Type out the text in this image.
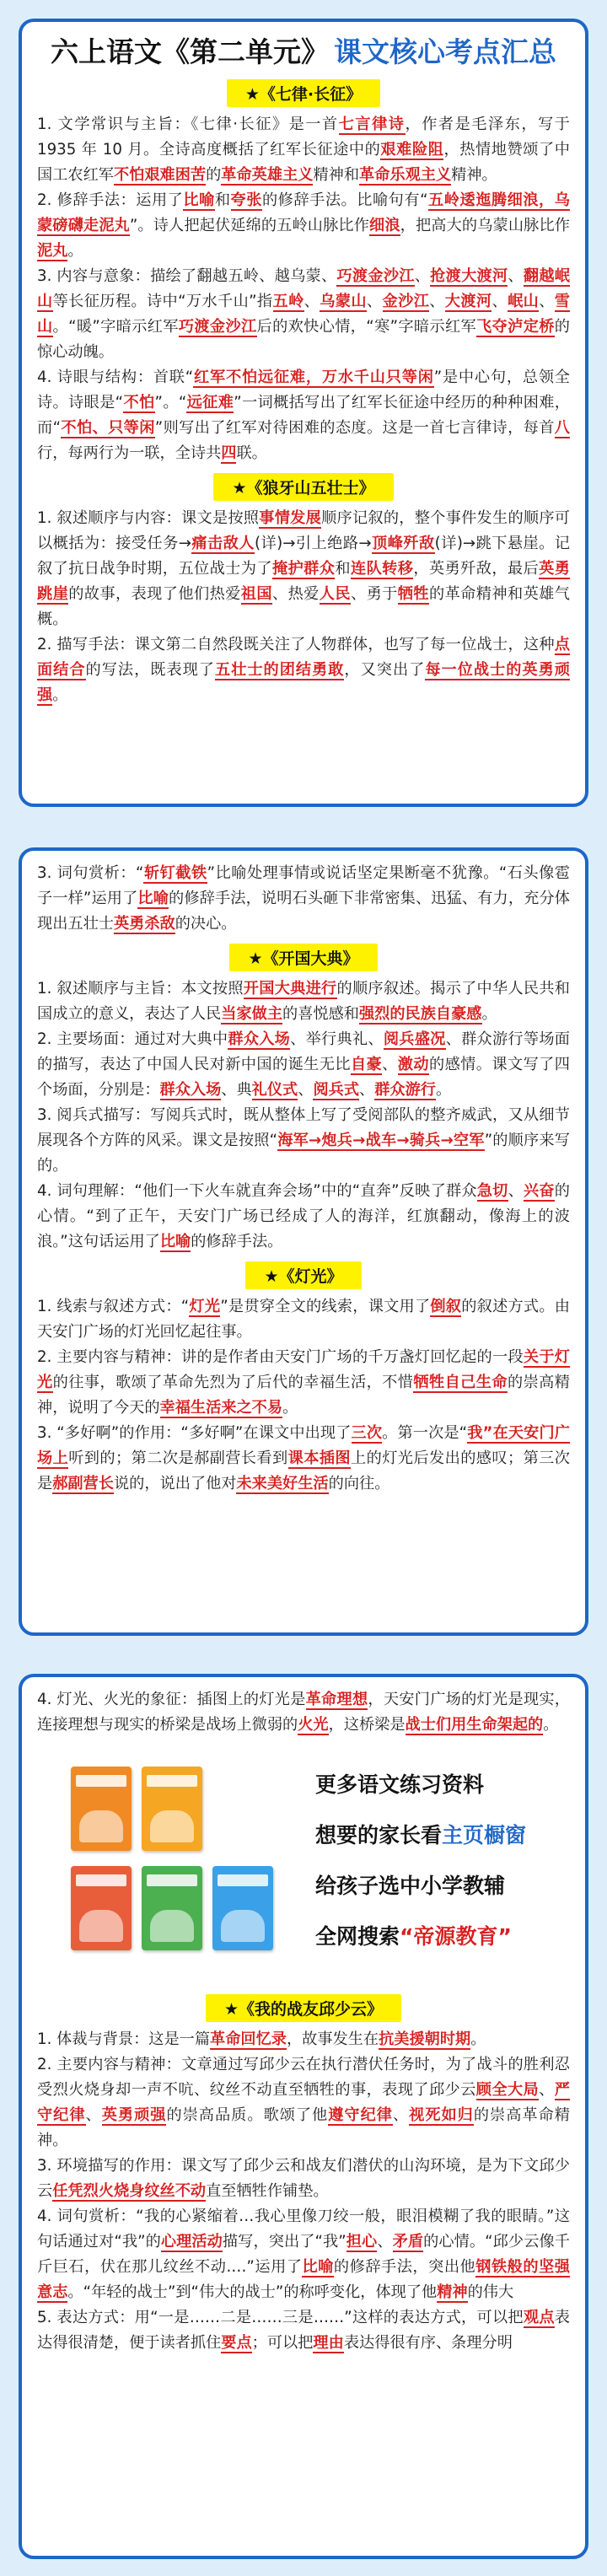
六上语文《第二单元》 课文核心考点汇总
★《七律·长征》

1. 文学常识与主旨：《七律·长征》是一首七言律诗，作者是毛泽东，写于 1935 年 10 月。全诗高度概括了红军长征途中的艰难险阻，热情地赞颂了中国工农红军不怕艰难困苦的革命英雄主义精神和革命乐观主义精神。

2. 修辞手法：运用了比喻和夸张的修辞手法。比喻句有“五岭逶迤腾细浪，乌蒙磅礴走泥丸”。诗人把起伏延绵的五岭山脉比作细浪，把高大的乌蒙山脉比作泥丸。

3. 内容与意象：描绘了翻越五岭、越乌蒙、巧渡金沙江、抢渡大渡河、翻越岷山等长征历程。诗中“万水千山”指五岭、乌蒙山、金沙江、大渡河、岷山、雪山。“暖”字暗示红军巧渡金沙江后的欢快心情，“寒”字暗示红军飞夺泸定桥的惊心动魄。

4. 诗眼与结构：首联“红军不怕远征难，万水千山只等闲”是中心句，总领全诗。诗眼是“不怕”。“远征难”一词概括写出了红军长征途中经历的种种困难，而“不怕、只等闲”则写出了红军对待困难的态度。这是一首七言律诗，每首八行，每两行为一联，全诗共四联。

★《狼牙山五壮士》

1. 叙述顺序与内容：课文是按照事情发展顺序记叙的，整个事件发生的顺序可以概括为：接受任务→痛击敌人(详)→引上绝路→顶峰歼敌(详)→跳下悬崖。记叙了抗日战争时期，五位战士为了掩护群众和连队转移，英勇歼敌，最后英勇跳崖的故事，表现了他们热爱祖国、热爱人民、勇于牺牲的革命精神和英雄气概。

2. 描写手法：课文第二自然段既关注了人物群体，也写了每一位战士，这种点面结合的写法，既表现了五壮士的团结勇敢，又突出了每一位战士的英勇顽强。

3. 词句赏析：“斩钉截铁”比喻处理事情或说话坚定果断毫不犹豫。“石头像雹子一样”运用了比喻的修辞手法，说明石头砸下非常密集、迅猛、有力，充分体现出五壮士英勇杀敌的决心。

★《开国大典》

1. 叙述顺序与主旨：本文按照开国大典进行的顺序叙述。揭示了中华人民共和国成立的意义，表达了人民当家做主的喜悦感和强烈的民族自豪感。

2. 主要场面：通过对大典中群众入场、举行典礼、阅兵盛况、群众游行等场面的描写，表达了中国人民对新中国的诞生无比自豪、激动的感情。课文写了四个场面，分别是：群众入场、典礼仪式、阅兵式、群众游行。

3. 阅兵式描写：写阅兵式时，既从整体上写了受阅部队的整齐威武，又从细节展现各个方阵的风采。课文是按照“海军→炮兵→战车→骑兵→空军”的顺序来写的。

4. 词句理解：“他们一下火车就直奔会场”中的“直奔”反映了群众急切、兴奋的心情。“到了正午，天安门广场已经成了人的海洋，红旗翻动，像海上的波浪。”这句话运用了比喻的修辞手法。

★《灯光》

1. 线索与叙述方式：“灯光”是贯穿全文的线索，课文用了倒叙的叙述方式。由天安门广场的灯光回忆起往事。

2. 主要内容与精神：讲的是作者由天安门广场的千万盏灯回忆起的一段关于灯光的往事，歌颂了革命先烈为了后代的幸福生活，不惜牺牲自己生命的崇高精神，说明了今天的幸福生活来之不易。

3. “多好啊”的作用：“多好啊”在课文中出现了三次。第一次是“我”在天安门广场上听到的；第二次是郝副营长看到课本插图上的灯光后发出的感叹；第三次是郝副营长说的，说出了他对未来美好生活的向往。

4. 灯光、火光的象征：插图上的灯光是革命理想，天安门广场的灯光是现实，连接理想与现实的桥梁是战场上微弱的火光，这桥梁是战士们用生命架起的。

更多语文练习资料
想要的家长看主页橱窗
给孩子选中小学教辅
全网搜索“帝源教育”
★《我的战友邱少云》

1. 体裁与背景：这是一篇革命回忆录，故事发生在抗美援朝时期。

2. 主要内容与精神：文章通过写邱少云在执行潜伏任务时，为了战斗的胜利忍受烈火烧身却一声不吭、纹丝不动直至牺牲的事，表现了邱少云顾全大局、严守纪律、英勇顽强的崇高品质。歌颂了他遵守纪律、视死如归的崇高革命精神。

3. 环境描写的作用：课文写了邱少云和战友们潜伏的山沟环境，是为下文邱少云任凭烈火烧身纹丝不动直至牺牲作铺垫。

4. 词句赏析：“我的心紧缩着…我心里像刀绞一般，眼泪模糊了我的眼睛。”这句话通过对“我”的心理活动描写，突出了“我”担心、矛盾的心情。“邱少云像千斤巨石，伏在那儿纹丝不动.…”运用了比喻的修辞手法，突出他钢铁般的坚强意志。“年轻的战士”到“伟大的战士”的称呼变化，体现了他精神的伟大

5. 表达方式：用“一是……二是……三是……”这样的表达方式，可以把观点表达得很清楚，便于读者抓住要点；可以把理由表达得很有序、条理分明
